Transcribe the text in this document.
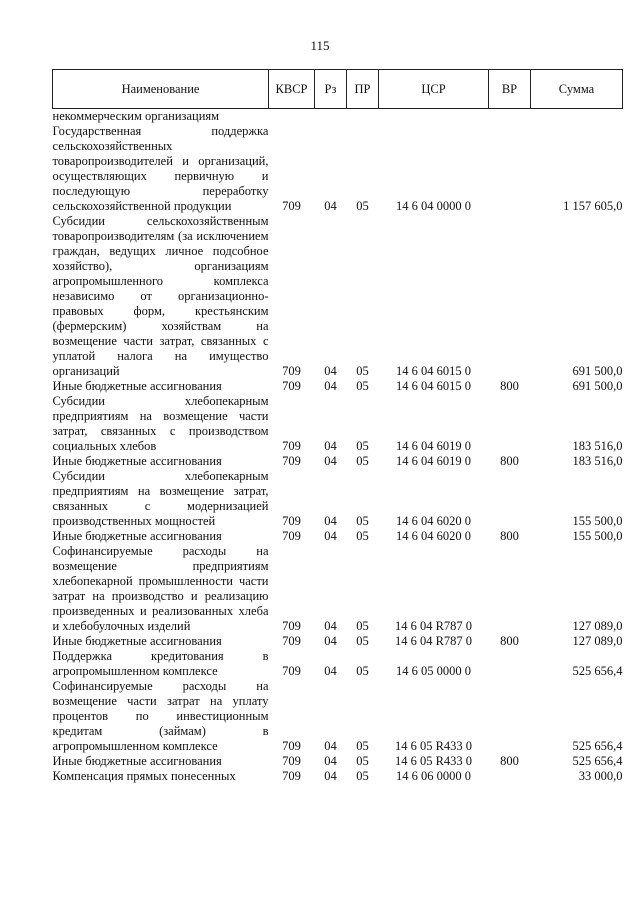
115
Наименование	КВСР	Рз	ПР	ЦСР	ВР	Сумма
некоммерческим организациям						
Государственная поддержка сельскохозяйственных товаропроизводителей и организаций, осуществляющих первичную и последующую переработку сельскохозяйственной продукции	709	04	05	14 6 04 0000 0		1 157 605,0
Субсидии сельскохозяйственным товаропроизводителям (за исключением граждан, ведущих личное подсобное хозяйство), организациям агропромышленного комплекса независимо от организационно-правовых форм, крестьянским (фермерским) хозяйствам на возмещение части затрат, связанных с уплатой налога на имущество организаций	709	04	05	14 6 04 6015 0		691 500,0
Иные бюджетные ассигнования	709	04	05	14 6 04 6015 0	800	691 500,0
Субсидии хлебопекарным предприятиям на возмещение части затрат, связанных с производством социальных хлебов	709	04	05	14 6 04 6019 0		183 516,0
Иные бюджетные ассигнования	709	04	05	14 6 04 6019 0	800	183 516,0
Субсидии хлебопекарным предприятиям на возмещение затрат, связанных с модернизацией производственных мощностей	709	04	05	14 6 04 6020 0		155 500,0
Иные бюджетные ассигнования	709	04	05	14 6 04 6020 0	800	155 500,0
Софинансируемые расходы на возмещение предприятиям хлебопекарной промышленности части затрат на производство и реализацию произведенных и реализованных хлеба и хлебобулочных изделий	709	04	05	14 6 04 R787 0		127 089,0
Иные бюджетные ассигнования	709	04	05	14 6 04 R787 0	800	127 089,0
Поддержка кредитования в агропромышленном комплексе	709	04	05	14 6 05 0000 0		525 656,4
Софинансируемые расходы на возмещение части затрат на уплату процентов по инвестиционным кредитам (займам) в агропромышленном комплексе	709	04	05	14 6 05 R433 0		525 656,4
Иные бюджетные ассигнования	709	04	05	14 6 05 R433 0	800	525 656,4
Компенсация прямых понесенных	709	04	05	14 6 06 0000 0		33 000,0
